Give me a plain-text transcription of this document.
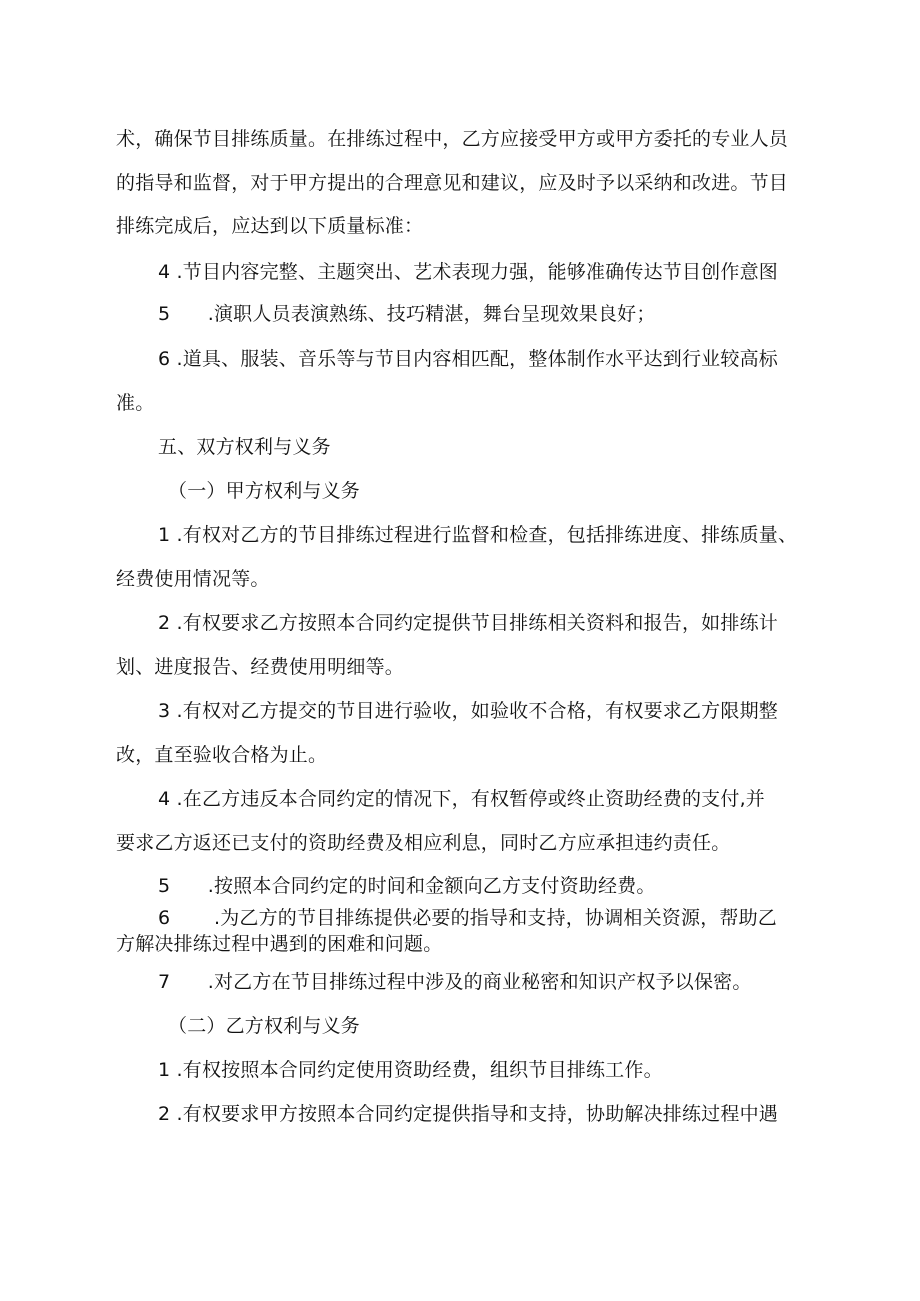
术，确保节目排练质量。在排练过程中，乙方应接受甲方或甲方委托的专业人员
的指导和监督，对于甲方提出的合理意见和建议，应及时予以采纳和改进。节目
排练完成后，应达到以下质量标准：
4 .节目内容完整、主题突出、艺术表现力强，能够准确传达节目创作意图
5      .演职人员表演熟练、技巧精湛，舞台呈现效果良好；
6 .道具、服装、音乐等与节目内容相匹配，整体制作水平达到行业较高标
准。
五、双方权利与义务
（一）甲方权利与义务
1 .有权对乙方的节目排练过程进行监督和检查，包括排练进度、排练质量、
经费使用情况等。
2 .有权要求乙方按照本合同约定提供节目排练相关资料和报告，如排练计
划、进度报告、经费使用明细等。
3 .有权对乙方提交的节目进行验收，如验收不合格，有权要求乙方限期整
改，直至验收合格为止。
4 .在乙方违反本合同约定的情况下，有权暂停或终止资助经费的支付,并
要求乙方返还已支付的资助经费及相应利息，同时乙方应承担违约责任。
5      .按照本合同约定的时间和金额向乙方支付资助经费。
6       .为乙方的节目排练提供必要的指导和支持，协调相关资源，帮助乙
方解决排练过程中遇到的困难和问题。
7      .对乙方在节目排练过程中涉及的商业秘密和知识产权予以保密。
（二）乙方权利与义务
1 .有权按照本合同约定使用资助经费，组织节目排练工作。
2 .有权要求甲方按照本合同约定提供指导和支持，协助解决排练过程中遇
